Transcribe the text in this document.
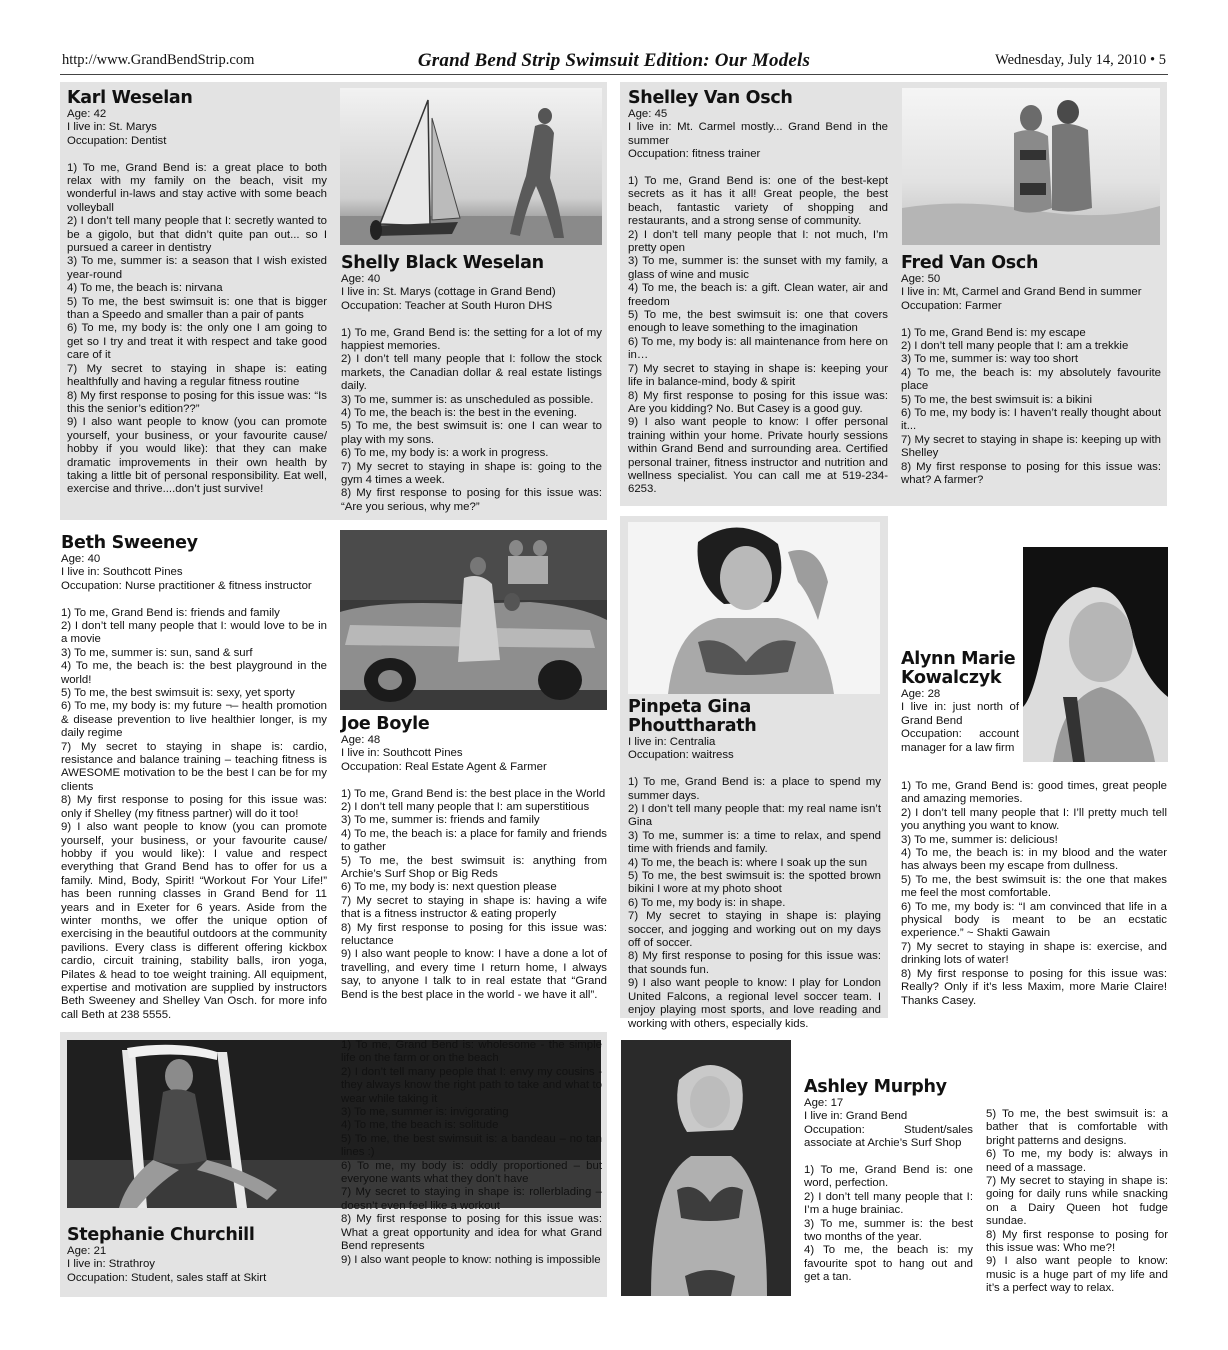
http://www.GrandBendStrip.com	Grand Bend Strip Swimsuit Edition: Our Models	Wednesday, July 14, 2010 • 5
Karl Weselan

Age: 42

I live in: St. Marys

Occupation: Dentist

1) To me, Grand Bend is: a great place to both relax with my family on the beach, visit my wonderful in-laws and stay active with some beach volleyball

2) I don’t tell many people that I: secretly wanted to be a gigolo, but that didn’t quite pan out... so I pursued a career in dentistry

3) To me, summer is: a season that I wish existed year-round

4) To me, the beach is: nirvana

5) To me, the best swimsuit is: one that is bigger than a Speedo and smaller than a pair of pants

6) To me, my body is: the only one I am going to get so I try and treat it with respect and take good care of it

7) My secret to staying in shape is: eating healthfully and having a regular fitness routine

8) My first response to posing for this issue was: “Is this the senior’s edition??”

9) I also want people to know (you can promote yourself, your business, or your favourite cause/ hobby if you would like): that they can make dramatic improvements in their own health by taking a little bit of personal responsibility. Eat well, exercise and thrive....don’t just survive!

Shelly Black Weselan

Age: 40

I live in: St. Marys (cottage in Grand Bend)

Occupation: Teacher at South Huron DHS

1) To me, Grand Bend is: the setting for a lot of my happiest memories.

2) I don’t tell many people that I: follow the stock markets, the Canadian dollar & real estate listings daily.

3) To me, summer is: as unscheduled as possible.

4) To me, the beach is: the best in the evening.

5) To me, the best swimsuit is: one I can wear to play with my sons.

6) To me, my body is: a work in progress.

7) My secret to staying in shape is: going to the gym 4 times a week.

8) My first response to posing for this issue was: “Are you serious, why me?”

Shelley Van Osch

Age: 45

I live in: Mt. Carmel mostly... Grand Bend in the summer

Occupation: fitness trainer

1) To me, Grand Bend is: one of the best-kept secrets as it has it all! Great people, the best beach, fantastic variety of shopping and restaurants, and a strong sense of community.

2) I don’t tell many people that I: not much, I’m pretty open

3) To me, summer is: the sunset with my family, a glass of wine and music

4) To me, the beach is: a gift. Clean water, air and freedom

5) To me, the best swimsuit is: one that covers enough to leave something to the imagination

6) To me, my body is: all maintenance from here on in…

7) My secret to staying in shape is: keeping your life in balance-mind, body & spirit

8) My first response to posing for this issue was: Are you kidding? No. But Casey is a good guy.

9) I also want people to know: I offer personal training within your home. Private hourly sessions within Grand Bend and surrounding area. Certified personal trainer, fitness instructor and nutrition and wellness specialist. You can call me at 519-234-6253.

Fred Van Osch

Age: 50

I live in: Mt, Carmel and Grand Bend in summer

Occupation: Farmer

1) To me, Grand Bend is: my escape

2) I don’t tell many people that I: am a trekkie

3) To me, summer is: way too short

4) To me, the beach is: my absolutely favourite place

5) To me, the best swimsuit is: a bikini

6) To me, my body is: I haven’t really thought about it...

7) My secret to staying in shape is: keeping up with Shelley

8) My first response to posing for this issue was: what? A farmer?

Beth Sweeney

Age: 40

I live in: Southcott Pines

Occupation: Nurse practitioner & fitness instructor

1) To me, Grand Bend is: friends and family

2) I don’t tell many people that I: would love to be in a movie

3) To me, summer is: sun, sand & surf

4) To me, the beach is: the best playground in the world!

5) To me, the best swimsuit is: sexy, yet sporty

6) To me, my body is: my future ¬– health promotion & disease prevention to live healthier longer, is my daily regime

7) My secret to staying in shape is: cardio, resistance and balance training – teaching fitness is AWESOME motivation to be the best I can be for my clients

8) My first response to posing for this issue was: only if Shelley (my fitness partner) will do it too!

9) I also want people to know (you can promote yourself, your business, or your favourite cause/ hobby if you would like): I value and respect everything that Grand Bend has to offer for us a family. Mind, Body, Spirit! “Workout For Your Life!” has been running classes in Grand Bend for 11 years and in Exeter for 6 years. Aside from the winter months, we offer the unique option of exercising in the beautiful outdoors at the community pavilions. Every class is different offering kickbox cardio, circuit training, stability balls, iron yoga, Pilates & head to toe weight training. All equipment, expertise and motivation are supplied by instructors Beth Sweeney and Shelley Van Osch. for more info call Beth at 238 5555.

Joe Boyle

Age: 48

I live in: Southcott Pines

Occupation: Real Estate Agent & Farmer

1) To me, Grand Bend is: the best place in the World

2) I don’t tell many people that I: am superstitious

3) To me, summer is: friends and family

4) To me, the beach is: a place for family and friends to gather

5) To me, the best swimsuit is: anything from Archie’s Surf Shop or Big Reds

6) To me, my body is: next question please

7) My secret to staying in shape is: having a wife that is a fitness instructor & eating properly

8) My first response to posing for this issue was: reluctance

9) I also want people to know: I have a done a lot of travelling, and every time I return home, I always say, to anyone I talk to in real estate that “Grand Bend is the best place in the world - we have it all”.

Pinpeta Gina Phouttharath

I live in: Centralia

Occupation: waitress

1) To me, Grand Bend is: a place to spend my summer days.

2) I don’t tell many people that: my real name isn’t Gina

3) To me, summer is: a time to relax, and spend time with friends and family.

4) To me, the beach is: where I soak up the sun

5) To me, the best swimsuit is: the spotted brown bikini I wore at my photo shoot

6) To me, my body is: in shape.

7) My secret to staying in shape is: playing soccer, and jogging and working out on my days off of soccer.

8) My first response to posing for this issue was: that sounds fun.

9) I also want people to know: I play for London United Falcons, a regional level soccer team. I enjoy playing most sports, and love reading and working with others, especially kids.

Alynn Marie Kowalczyk

Age: 28

I live in: just north of Grand Bend

Occupation: account manager for a law firm

1) To me, Grand Bend is: good times, great people and amazing memories.

2) I don’t tell many people that I: I’ll pretty much tell you anything you want to know.

3) To me, summer is: delicious!

4) To me, the beach is: in my blood and the water has always been my escape from dullness.

5) To me, the best swimsuit is: the one that makes me feel the most comfortable.

6) To me, my body is: “I am convinced that life in a physical body is meant to be an ecstatic experience.” ~ Shakti Gawain

7) My secret to staying in shape is: exercise, and drinking lots of water!

8) My first response to posing for this issue was: Really? Only if it’s less Maxim, more Marie Claire! Thanks Casey.

Stephanie Churchill

Age: 21

I live in: Strathroy

Occupation: Student, sales staff at Skirt

1) To me, Grand Bend is: wholesome - the simple life on the farm or on the beach

2) I don’t tell many people that I: envy my cousins - they always know the right path to take and what to wear while taking it

3) To me, summer is: invigorating

4) To me, the beach is: solitude

5) To me, the best swimsuit is: a bandeau – no tan lines :)

6) To me, my body is: oddly proportioned – but everyone wants what they don’t have

7) My secret to staying in shape is: rollerblading – doesn’t even feel like a workout

8) My first response to posing for this issue was: What a great opportunity and idea for what Grand Bend represents

9) I also want people to know: nothing is impossible

Ashley Murphy

Age: 17

I live in: Grand Bend

Occupation: Student/sales associate at Archie’s Surf Shop

1) To me, Grand Bend is: one word, perfection.

2) I don’t tell many people that I: I’m a huge brainiac.

3) To me, summer is: the best two months of the year.

4) To me, the beach is: my favourite spot to hang out and get a tan.

5) To me, the best swimsuit is: a bather that is comfortable with bright patterns and designs.

6) To me, my body is: always in need of a massage.

7) My secret to staying in shape is: going for daily runs while snacking on a Dairy Queen hot fudge sundae.

8) My first response to posing for this issue was: Who me?!

9) I also want people to know: music is a huge part of my life and it’s a perfect way to relax.
